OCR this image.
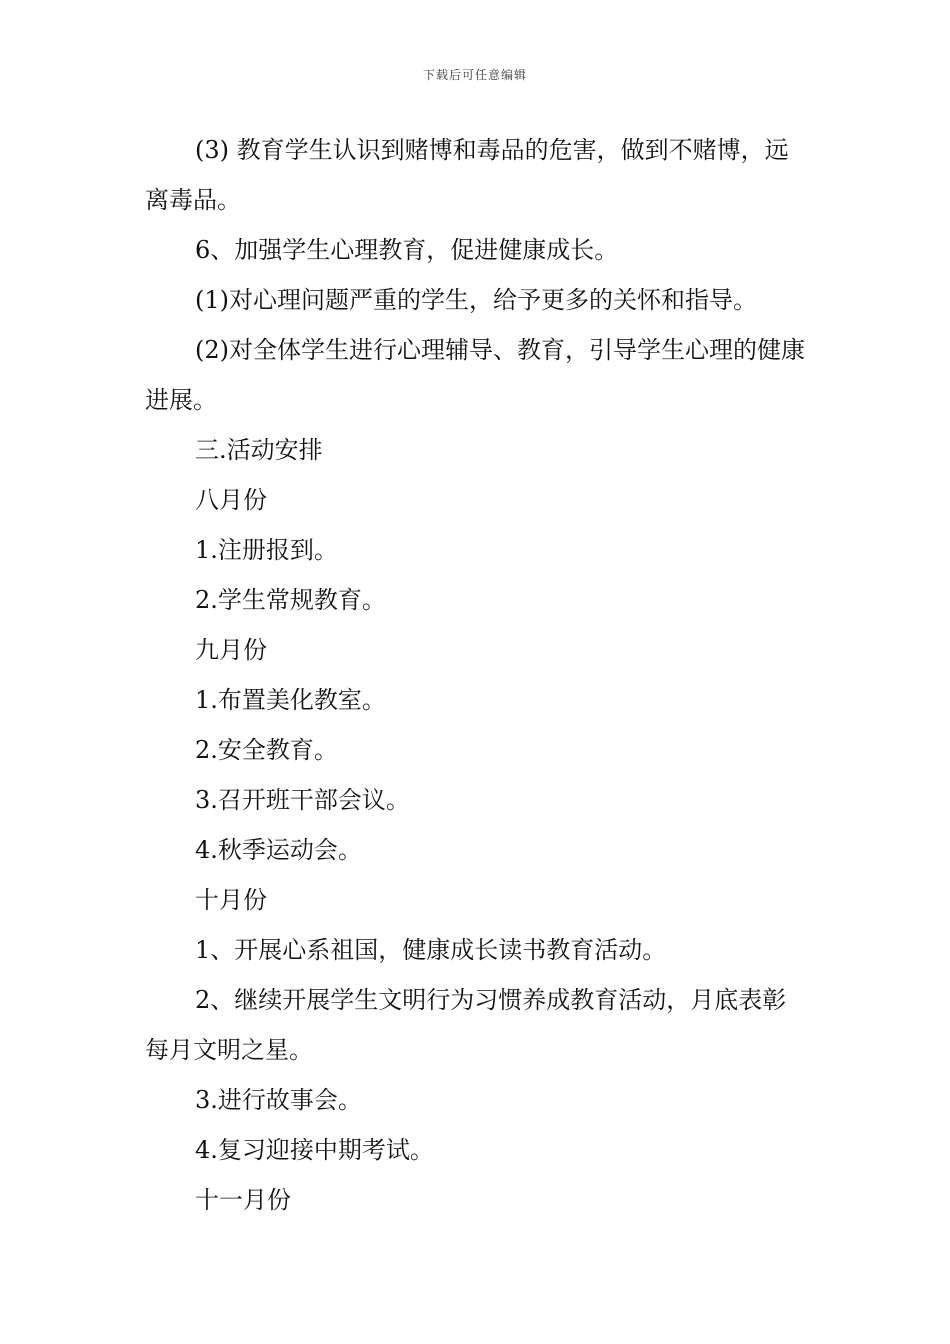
下载后可任意编辑

(3) 教育学生认识到赌博和毒品的危害，做到不赌博，远离毒品。

6、加强学生心理教育，促进健康成长。

(1)对心理问题严重的学生，给予更多的关怀和指导。

(2)对全体学生进行心理辅导、教育，引导学生心理的健康进展。

三.活动安排

八月份

1.注册报到。

2.学生常规教育。

九月份

1.布置美化教室。

2.安全教育。

3.召开班干部会议。

4.秋季运动会。

十月份

1、开展心系祖国，健康成长读书教育活动。

2、继续开展学生文明行为习惯养成教育活动，月底表彰每月文明之星。

3.进行故事会。

4.复习迎接中期考试。

十一月份
